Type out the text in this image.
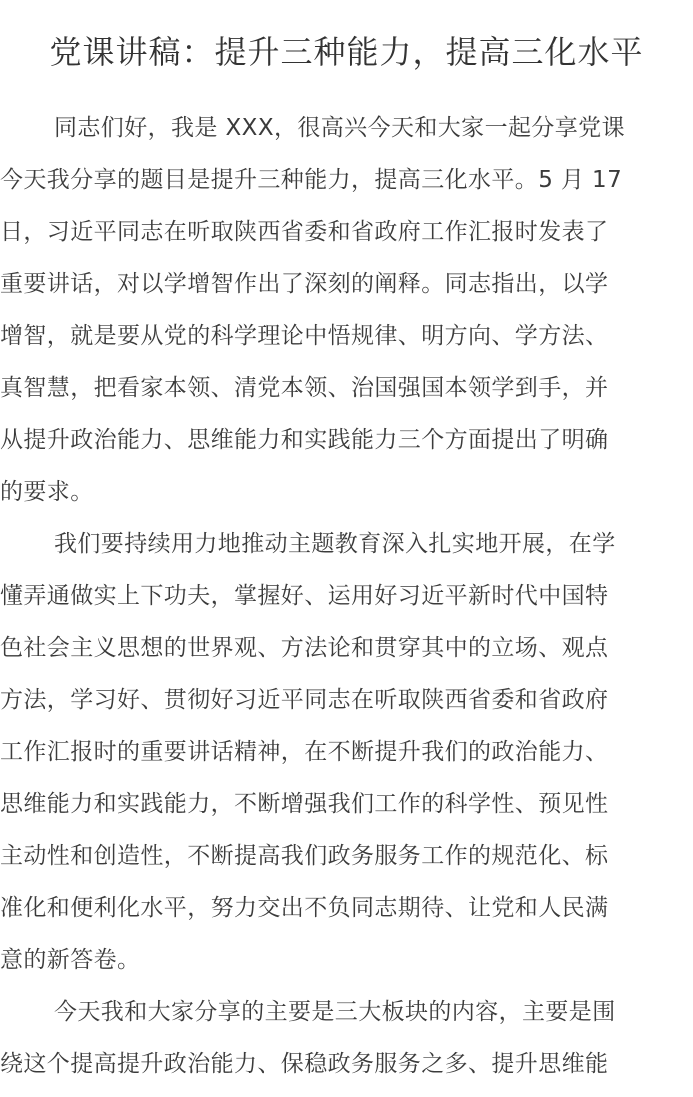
党课讲稿：提升三种能力，提高三化水平
同志们好，我是 XXX，很高兴今天和大家一起分享党课
今天我分享的题目是提升三种能力，提高三化水平。5 月 17
日，习近平同志在听取陕西省委和省政府工作汇报时发表了
重要讲话，对以学增智作出了深刻的阐释。同志指出，以学
增智，就是要从党的科学理论中悟规律、明方向、学方法、
真智慧，把看家本领、清党本领、治国强国本领学到手，并
从提升政治能力、思维能力和实践能力三个方面提出了明确
的要求。
我们要持续用力地推动主题教育深入扎实地开展，在学
懂弄通做实上下功夫，掌握好、运用好习近平新时代中国特
色社会主义思想的世界观、方法论和贯穿其中的立场、观点
方法，学习好、贯彻好习近平同志在听取陕西省委和省政府
工作汇报时的重要讲话精神，在不断提升我们的政治能力、
思维能力和实践能力，不断增强我们工作的科学性、预见性
主动性和创造性，不断提高我们政务服务工作的规范化、标
准化和便利化水平，努力交出不负同志期待、让党和人民满
意的新答卷。
今天我和大家分享的主要是三大板块的内容，主要是围
绕这个提高提升政治能力、保稳政务服务之多、提升思维能
